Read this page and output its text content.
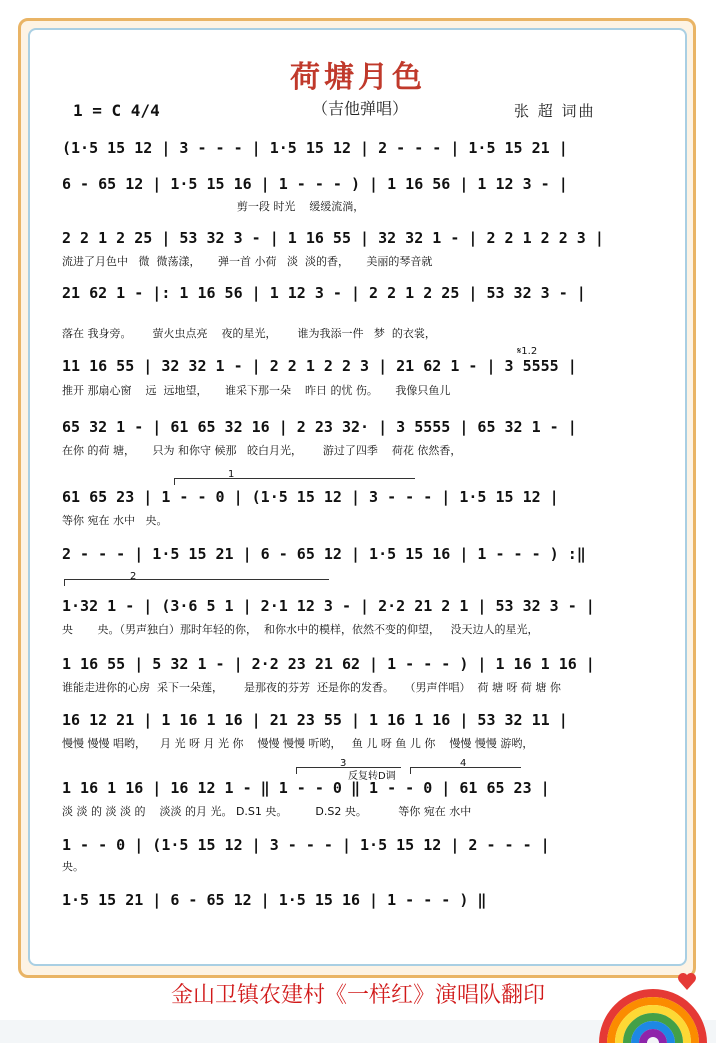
荷塘月色
（吉他弹唱）
1 = C 4/4	张 超 词曲
𝄋1.2
1
2
3
反复转D调
4
(1·5 15 12 | 3 - - - | 1·5 15 12 | 2 - - - | 1·5 15 21 |
6 - 65 12 | 1·5 15 16 | 1 - - - ) | 1 16 56 | 1 12 3 - |
剪一段 时光    缓缓流淌，
2 2 1 2 25 | 53 32 3 - | 1 16 55 | 32 32 1 - | 2 2 1 2 2 3 |
流进了月色中   微  微荡漾，     弹一首 小荷   淡  淡的香，     美丽的琴音就
21 62 1 - |: 1 16 56 | 1 12 3 - | 2 2 1 2 25 | 53 32 3 - |
落在 我身旁。      萤火虫点亮    夜的星光，      谁为我添一件   梦  的衣裳，
11 16 55 | 32 32 1 - | 2 2 1 2 2 3 | 21 62 1 - | 3 5555 |
推开 那扇心窗    远  远地望，     谁采下那一朵    昨日 的忧 伤。     我像只鱼儿
65 32 1 - | 61 65 32 16 | 2 23 32· | 3 5555 | 65 32 1 - |
在你 的荷 塘，     只为 和你守 候那   皎白月光，      游过了四季    荷花 依然香，
61 65 23 | 1 - - 0 | (1·5 15 12 | 3 - - - | 1·5 15 12 |
等你 宛在 水中   央。
2 - - - | 1·5 15 21 | 6 - 65 12 | 1·5 15 16 | 1 - - - ) :‖
1·32 1 - | (3·6 5 1 | 2·1 12 3 - | 2·2 21 2 1 | 53 32 3 - |
央       央。（男声独白）那时年轻的你，  和你水中的模样，依然不变的仰望，   没天边人的星光，
1 16 55 | 5 32 1 - | 2·2 23 21 62 | 1 - - - ) | 1 16 1 16 |
谁能走进你的心房  采下一朵莲，      是那夜的芬芳  还是你的发香。   （男声伴唱）  荷 塘 呀 荷 塘 你
16 12 21 | 1 16 1 16 | 21 23 55 | 1 16 1 16 | 53 32 11 |
慢慢 慢慢 唱哟，    月 光 呀 月 光 你    慢慢 慢慢 听哟，   鱼 儿 呀 鱼 儿 你    慢慢 慢慢 游哟，
1 16 1 16 | 16 12 1 - ‖ 1 - - 0 ‖ 1 - - 0 | 61 65 23 |
淡 淡 的 淡 淡 的    淡淡 的月 光。 D.S1 央。        D.S2 央。         等你 宛在 水中
1 - - 0 | (1·5 15 12 | 3 - - - | 1·5 15 12 | 2 - - - |
央。
1·5 15 21 | 6 - 65 12 | 1·5 15 16 | 1 - - - ) ‖
金山卫镇农建村《一样红》演唱队翻印
